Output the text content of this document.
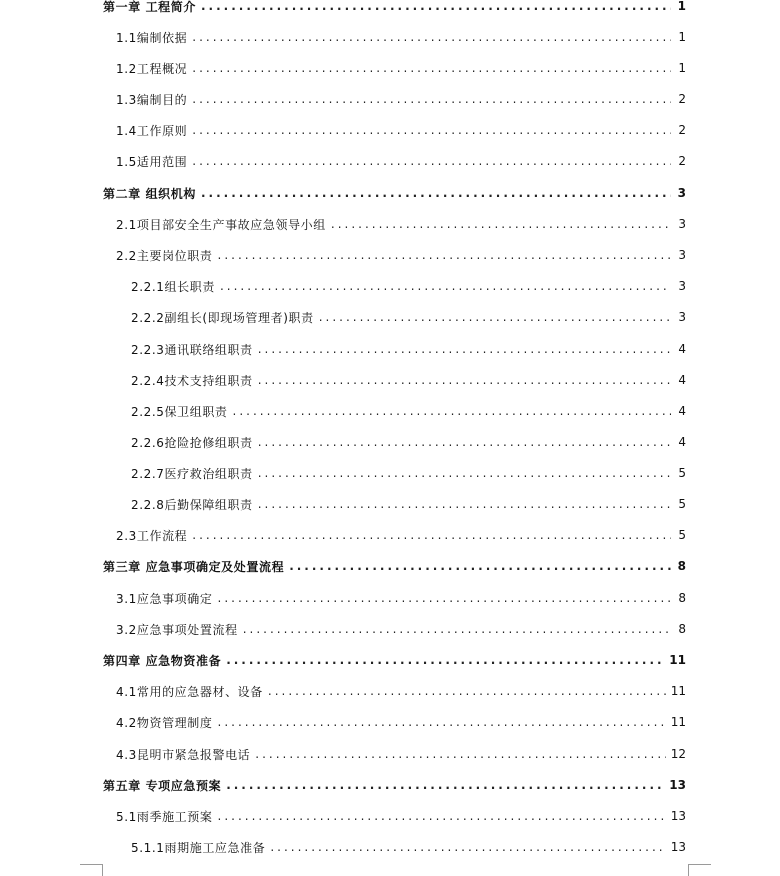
第一章 工程简介 .....	1
1.1编制依据 .....	1
1.2工程概况 .....	1
1.3编制目的 .....	2
1.4工作原则 .....	2
1.5适用范围 .....	2
第二章 组织机构 .....	3
2.1项目部安全生产事故应急领导小组 .....	3
2.2主要岗位职责 .....	3
2.2.1组长职责 .....	3
2.2.2副组长(即现场管理者)职责 .....	3
2.2.3通讯联络组职责 .....	4
2.2.4技术支持组职责 .....	4
2.2.5保卫组职责 .....	4
2.2.6抢险抢修组职责 .....	4
2.2.7医疗救治组职责 .....	5
2.2.8后勤保障组职责 .....	5
2.3工作流程 .....	5
第三章 应急事项确定及处置流程 .....	8
3.1应急事项确定 .....	8
3.2应急事项处置流程 .....	8
第四章 应急物资准备 .....	11
4.1常用的应急器材、设备 .....	11
4.2物资管理制度 .....	11
4.3昆明市紧急报警电话 .....	12
第五章 专项应急预案 .....	13
5.1雨季施工预案 .....	13
5.1.1雨期施工应急准备 .....	13
